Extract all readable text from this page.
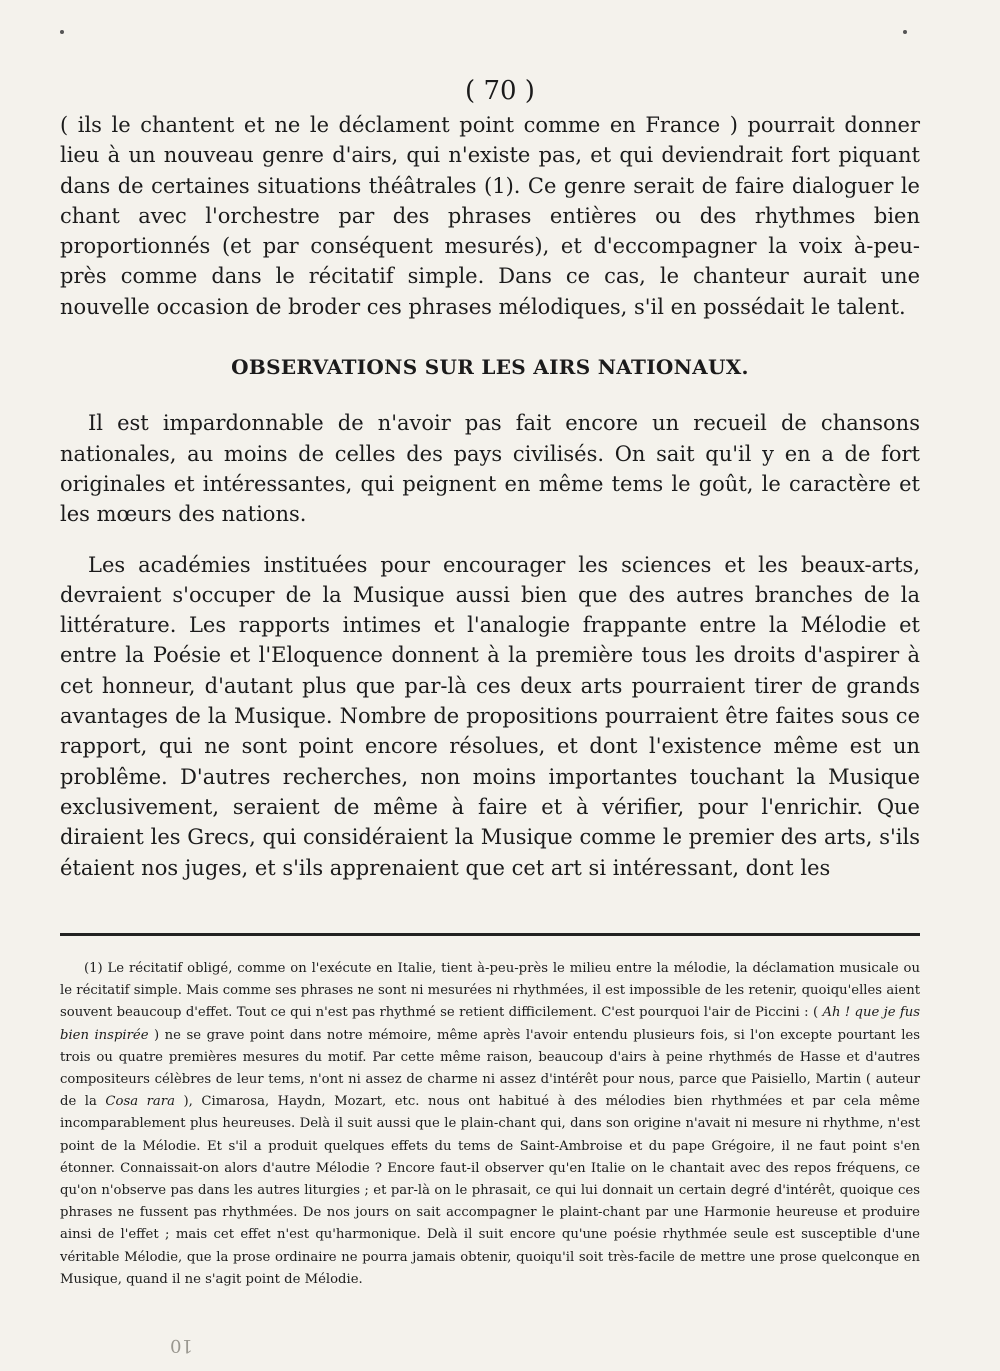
( 70 )

( ils le chantent et ne le déclament point comme en France ) pourrait donner lieu à un nouveau genre d'airs, qui n'existe pas, et qui deviendrait fort piquant dans de certaines situations théâtrales (1). Ce genre serait de faire dialoguer le chant avec l'orchestre par des phrases entières ou des rhythmes bien proportionnés (et par conséquent mesurés), et d'eccompagner la voix à-peu-près comme dans le récitatif simple. Dans ce cas, le chanteur aurait une nouvelle occasion de broder ces phrases mélodiques, s'il en possédait le talent.

OBSERVATIONS SUR LES AIRS NATIONAUX.

Il est impardonnable de n'avoir pas fait encore un recueil de chansons nationales, au moins de celles des pays civilisés. On sait qu'il y en a de fort originales et intéressantes, qui peignent en même tems le goût, le caractère et les mœurs des nations.

Les académies instituées pour encourager les sciences et les beaux-arts, devraient s'occuper de la Musique aussi bien que des autres branches de la littérature. Les rapports intimes et l'analogie frappante entre la Mélodie et entre la Poésie et l'Eloquence donnent à la première tous les droits d'aspirer à cet honneur, d'autant plus que par-là ces deux arts pourraient tirer de grands avantages de la Musique. Nombre de propositions pourraient être faites sous ce rapport, qui ne sont point encore résolues, et dont l'existence même est un problême. D'autres recherches, non moins importantes touchant la Musique exclusivement, seraient de même à faire et à vérifier, pour l'enrichir. Que diraient les Grecs, qui considéraient la Musique comme le premier des arts, s'ils étaient nos juges, et s'ils apprenaient que cet art si intéressant, dont les

(1) Le récitatif obligé, comme on l'exécute en Italie, tient à-peu-près le milieu entre la mélodie, la déclamation musicale ou le récitatif simple. Mais comme ses phrases ne sont ni mesurées ni rhythmées, il est impossible de les retenir, quoiqu'elles aient souvent beaucoup d'effet. Tout ce qui n'est pas rhythmé se retient difficilement. C'est pourquoi l'air de Piccini : ( Ah ! que je fus bien inspirée ) ne se grave point dans notre mémoire, même après l'avoir entendu plusieurs fois, si l'on excepte pourtant les trois ou quatre premières mesures du motif. Par cette même raison, beaucoup d'airs à peine rhythmés de Hasse et d'autres compositeurs célèbres de leur tems, n'ont ni assez de charme ni assez d'intérêt pour nous, parce que Paisiello, Martin ( auteur de la Cosa rara ), Cimarosa, Haydn, Mozart, etc. nous ont habitué à des mélodies bien rhythmées et par cela même incomparablement plus heureuses. Delà il suit aussi que le plain-chant qui, dans son origine n'avait ni mesure ni rhythme, n'est point de la Mélodie. Et s'il a produit quelques effets du tems de Saint-Ambroise et du pape Grégoire, il ne faut point s'en étonner. Connaissait-on alors d'autre Mélodie ? Encore faut-il observer qu'en Italie on le chantait avec des repos fréquens, ce qu'on n'observe pas dans les autres liturgies ; et par-là on le phrasait, ce qui lui donnait un certain degré d'intérêt, quoique ces phrases ne fussent pas rhythmées. De nos jours on sait accompagner le plaint-chant par une Harmonie heureuse et produire ainsi de l'effet ; mais cet effet n'est qu'harmonique. Delà il suit encore qu'une poésie rhythmée seule est susceptible d'une véritable Mélodie, que la prose ordinaire ne pourra jamais obtenir, quoiqu'il soit très-facile de mettre une prose quelconque en Musique, quand il ne s'agit point de Mélodie.

10
